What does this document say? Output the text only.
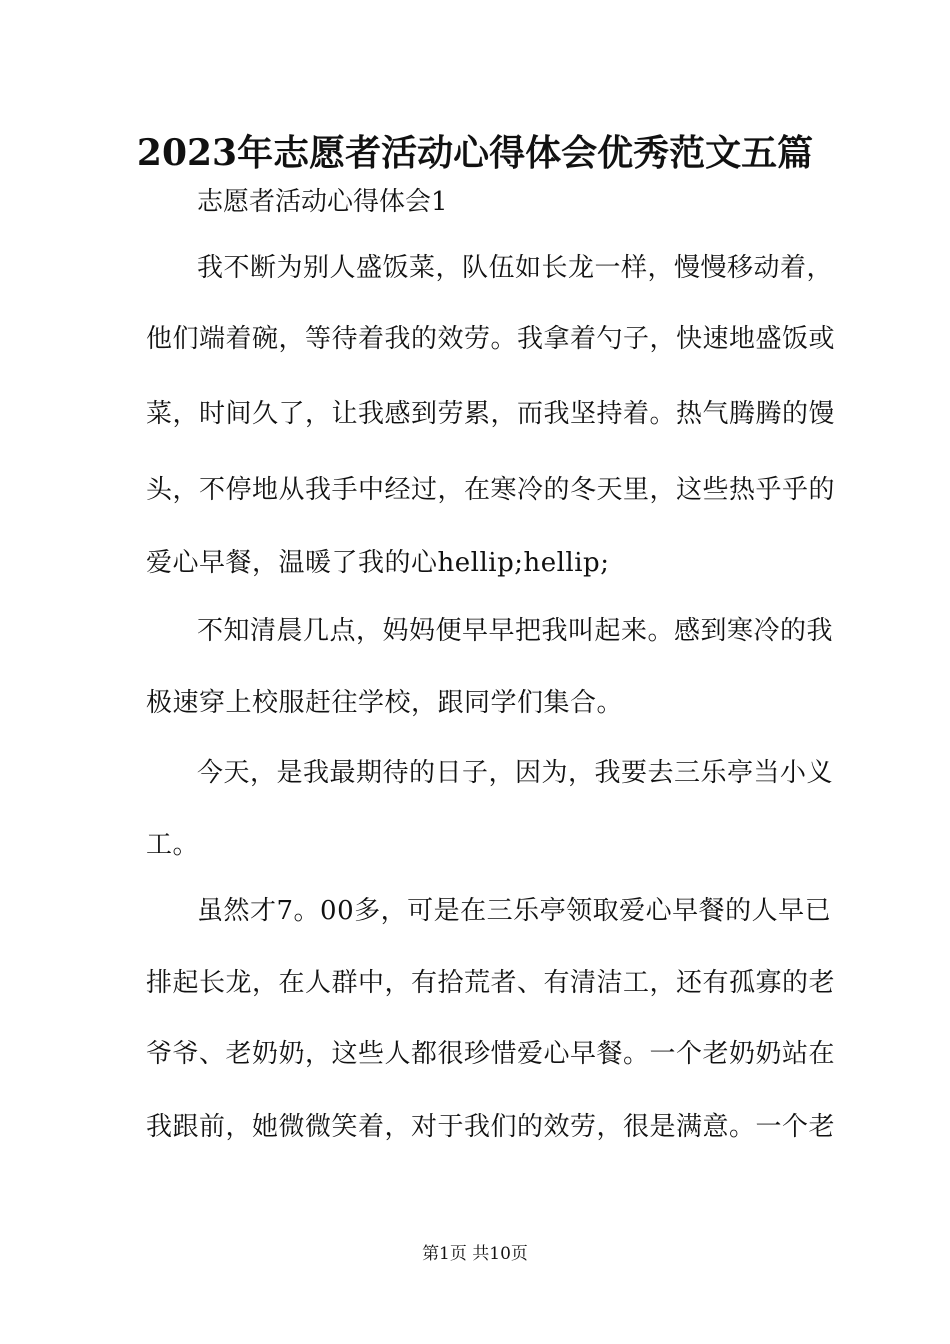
2023年志愿者活动心得体会优秀范文五篇
志愿者活动心得体会1
我不断为别人盛饭菜，队伍如长龙一样，慢慢移动着，
他们端着碗，等待着我的效劳。我拿着勺子，快速地盛饭或
菜，时间久了，让我感到劳累，而我坚持着。热气腾腾的馒
头，不停地从我手中经过，在寒冷的冬天里，这些热乎乎的
爱心早餐，温暖了我的心hellip;hellip;
不知清晨几点，妈妈便早早把我叫起来。感到寒冷的我
极速穿上校服赶往学校，跟同学们集合。
今天，是我最期待的日子，因为，我要去三乐亭当小义
工。
虽然才7。00多，可是在三乐亭领取爱心早餐的人早已
排起长龙，在人群中，有拾荒者、有清洁工，还有孤寡的老
爷爷、老奶奶，这些人都很珍惜爱心早餐。一个老奶奶站在
我跟前，她微微笑着，对于我们的效劳，很是满意。一个老
第1页 共10页
